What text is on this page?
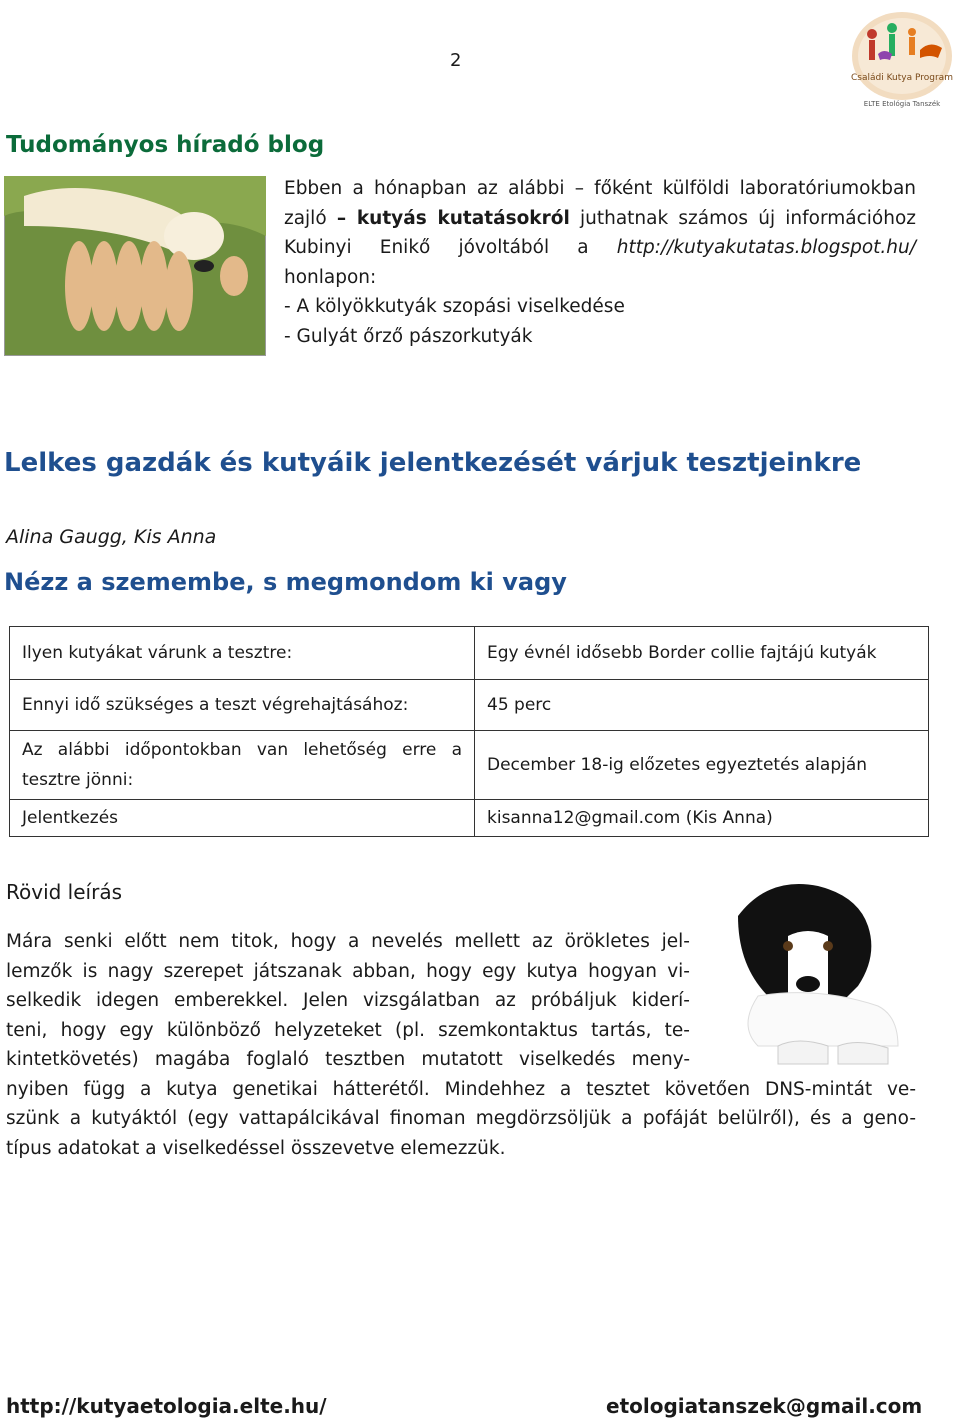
2
Családi Kutya Program
ELTE Etológia Tanszék
Tudományos híradó blog

Ebben a hónapban az alábbi – főként külföldi laboratóriumokban

zajló – kutyás kutatásokról juthatnak számos új információhoz

Kubinyi Enikő jóvoltából a http://kutyakutatas.blogspot.hu/

honlapon:

- A kölyökkutyák szopási viselkedése

- Gulyát őrző pászorkutyák

Lelkes gazdák és kutyáik jelentkezését várjuk tesztjeinkre
Alina Gaugg, Kis Anna
Nézz a szemembe, s megmondom ki vagy
Ilyen kutyákat várunk a tesztre:	Egy évnél idősebb Border collie fajtájú kutyák
Ennyi idő szükséges a teszt végrehajtásához:	45 perc

Az alábbi időpontokban van lehetőség erre a
tesztre jönni:	December 18-ig előzetes egyeztetés alapján
Jelentkezés	kisanna12@gmail.com (Kis Anna)
Rövid leírás
Mára senki előtt nem titok, hogy a nevelés mellett az örökletes jel-
lemzők is nagy szerepet játszanak abban, hogy egy kutya hogyan vi-
selkedik idegen emberekkel. Jelen vizsgálatban az próbáljuk kiderí-
teni, hogy egy különböző helyzeteket (pl. szemkontaktus tartás, te-
kintetkövetés) magába foglaló tesztben mutatott viselkedés meny-
nyiben függ a kutya genetikai hátterétől. Mindehhez a tesztet követően DNS-mintát ve-
szünk a kutyáktól (egy vattapálcikával finoman megdörzsöljük a pofáját belülről), és a geno-
típus adatokat a viselkedéssel összevetve elemezzük.
http://kutyaetologia.elte.hu/	etologiatanszek@gmail.com
